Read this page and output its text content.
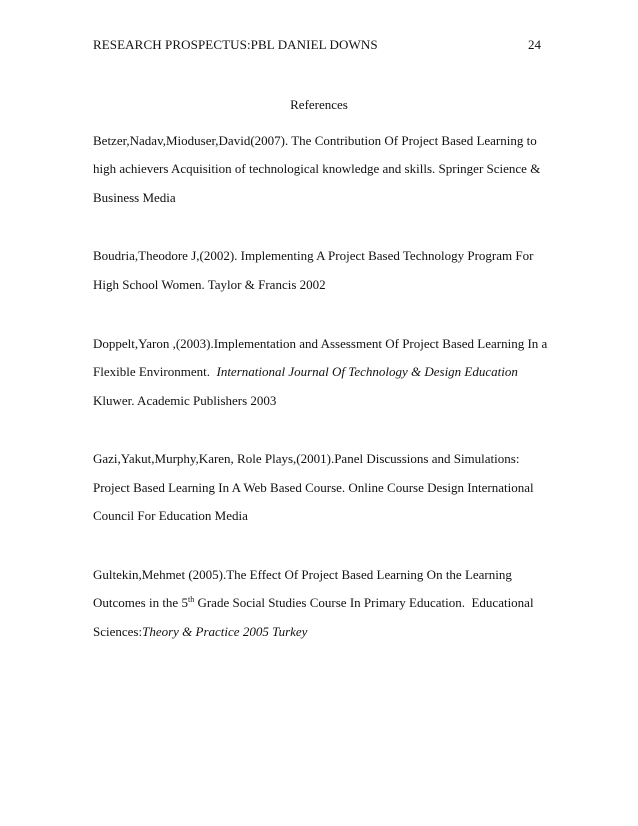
RESEARCH PROSPECTUS:PBL DANIEL DOWNS	24
References
Betzer,Nadav,Mioduser,David(2007). The Contribution Of Project Based Learning to
high achievers Acquisition of technological knowledge and skills. Springer Science &
Business Media
Boudria,Theodore J,(2002). Implementing A Project Based Technology Program For
High School Women. Taylor & Francis 2002
Doppelt,Yaron ,(2003).Implementation and Assessment Of Project Based Learning In a
Flexible Environment.  International Journal Of Technology & Design Education
Kluwer. Academic Publishers 2003
Gazi,Yakut,Murphy,Karen, Role Plays,(2001).Panel Discussions and Simulations:
Project Based Learning In A Web Based Course. Online Course Design International
Council For Education Media
Gultekin,Mehmet (2005).The Effect Of Project Based Learning On the Learning
Outcomes in the 5th Grade Social Studies Course In Primary Education.  Educational
Sciences:Theory & Practice 2005 Turkey
